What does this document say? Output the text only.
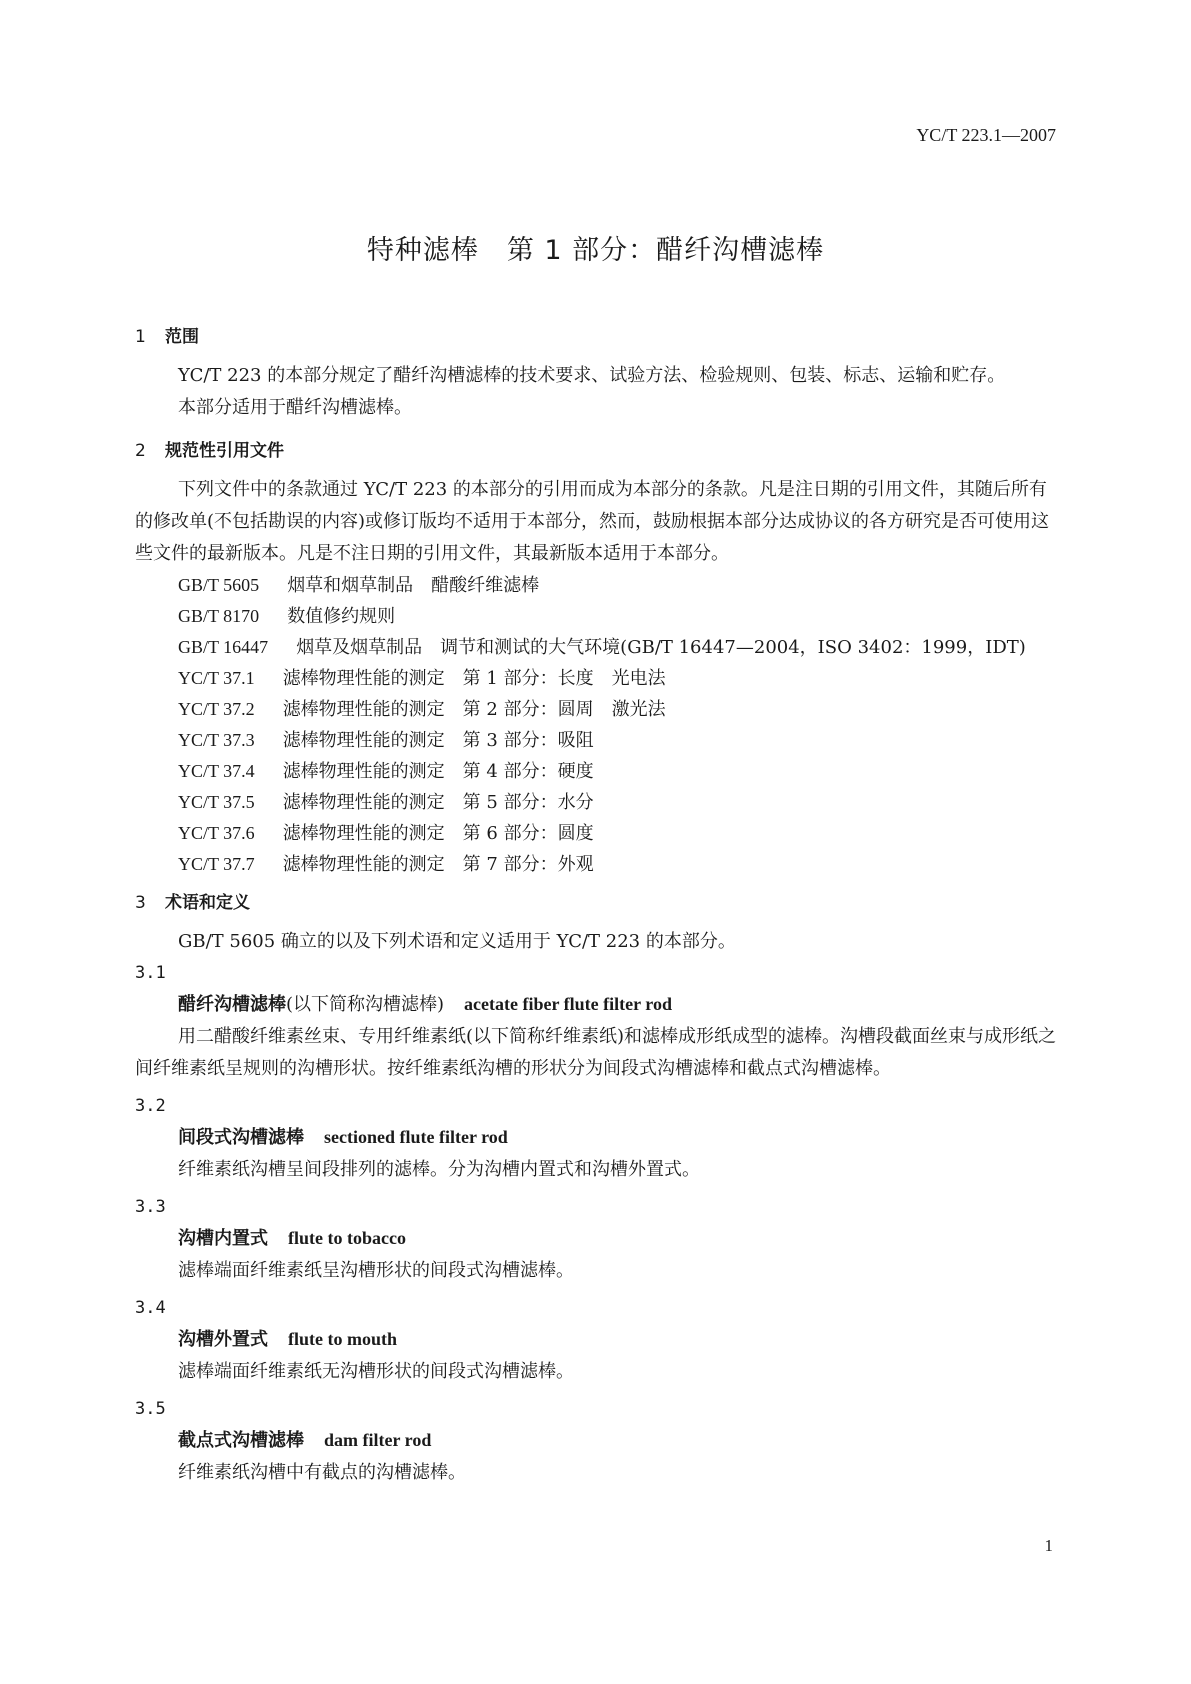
YC/T 223.1—2007
特种滤棒　第 1 部分：醋纤沟槽滤棒
1 范围

YC/T 223 的本部分规定了醋纤沟槽滤棒的技术要求、试验方法、检验规则、包装、标志、运输和贮存。

本部分适用于醋纤沟槽滤棒。

2 规范性引用文件

下列文件中的条款通过 YC/T 223 的本部分的引用而成为本部分的条款。凡是注日期的引用文件，其随后所有的修改单(不包括勘误的内容)或修订版均不适用于本部分，然而，鼓励根据本部分达成协议的各方研究是否可使用这些文件的最新版本。凡是不注日期的引用文件，其最新版本适用于本部分。

GB/T 5605 烟草和烟草制品　醋酸纤维滤棒
GB/T 8170 数值修约规则
GB/T 16447 烟草及烟草制品　调节和测试的大气环境(GB/T 16447—2004，ISO 3402：1999，IDT)
YC/T 37.1 滤棒物理性能的测定　第 1 部分：长度　光电法
YC/T 37.2 滤棒物理性能的测定　第 2 部分：圆周　激光法
YC/T 37.3 滤棒物理性能的测定　第 3 部分：吸阻
YC/T 37.4 滤棒物理性能的测定　第 4 部分：硬度
YC/T 37.5 滤棒物理性能的测定　第 5 部分：水分
YC/T 37.6 滤棒物理性能的测定　第 6 部分：圆度
YC/T 37.7 滤棒物理性能的测定　第 7 部分：外观
3 术语和定义

GB/T 5605 确立的以及下列术语和定义适用于 YC/T 223 的本部分。

3.1
醋纤沟槽滤棒(以下简称沟槽滤棒) acetate fiber flute filter rod

用二醋酸纤维素丝束、专用纤维素纸(以下简称纤维素纸)和滤棒成形纸成型的滤棒。沟槽段截面丝束与成形纸之间纤维素纸呈规则的沟槽形状。按纤维素纸沟槽的形状分为间段式沟槽滤棒和截点式沟槽滤棒。

3.2
间段式沟槽滤棒 sectioned flute filter rod

纤维素纸沟槽呈间段排列的滤棒。分为沟槽内置式和沟槽外置式。

3.3
沟槽内置式 flute to tobacco

滤棒端面纤维素纸呈沟槽形状的间段式沟槽滤棒。

3.4
沟槽外置式 flute to mouth

滤棒端面纤维素纸无沟槽形状的间段式沟槽滤棒。

3.5
截点式沟槽滤棒 dam filter rod

纤维素纸沟槽中有截点的沟槽滤棒。

1
